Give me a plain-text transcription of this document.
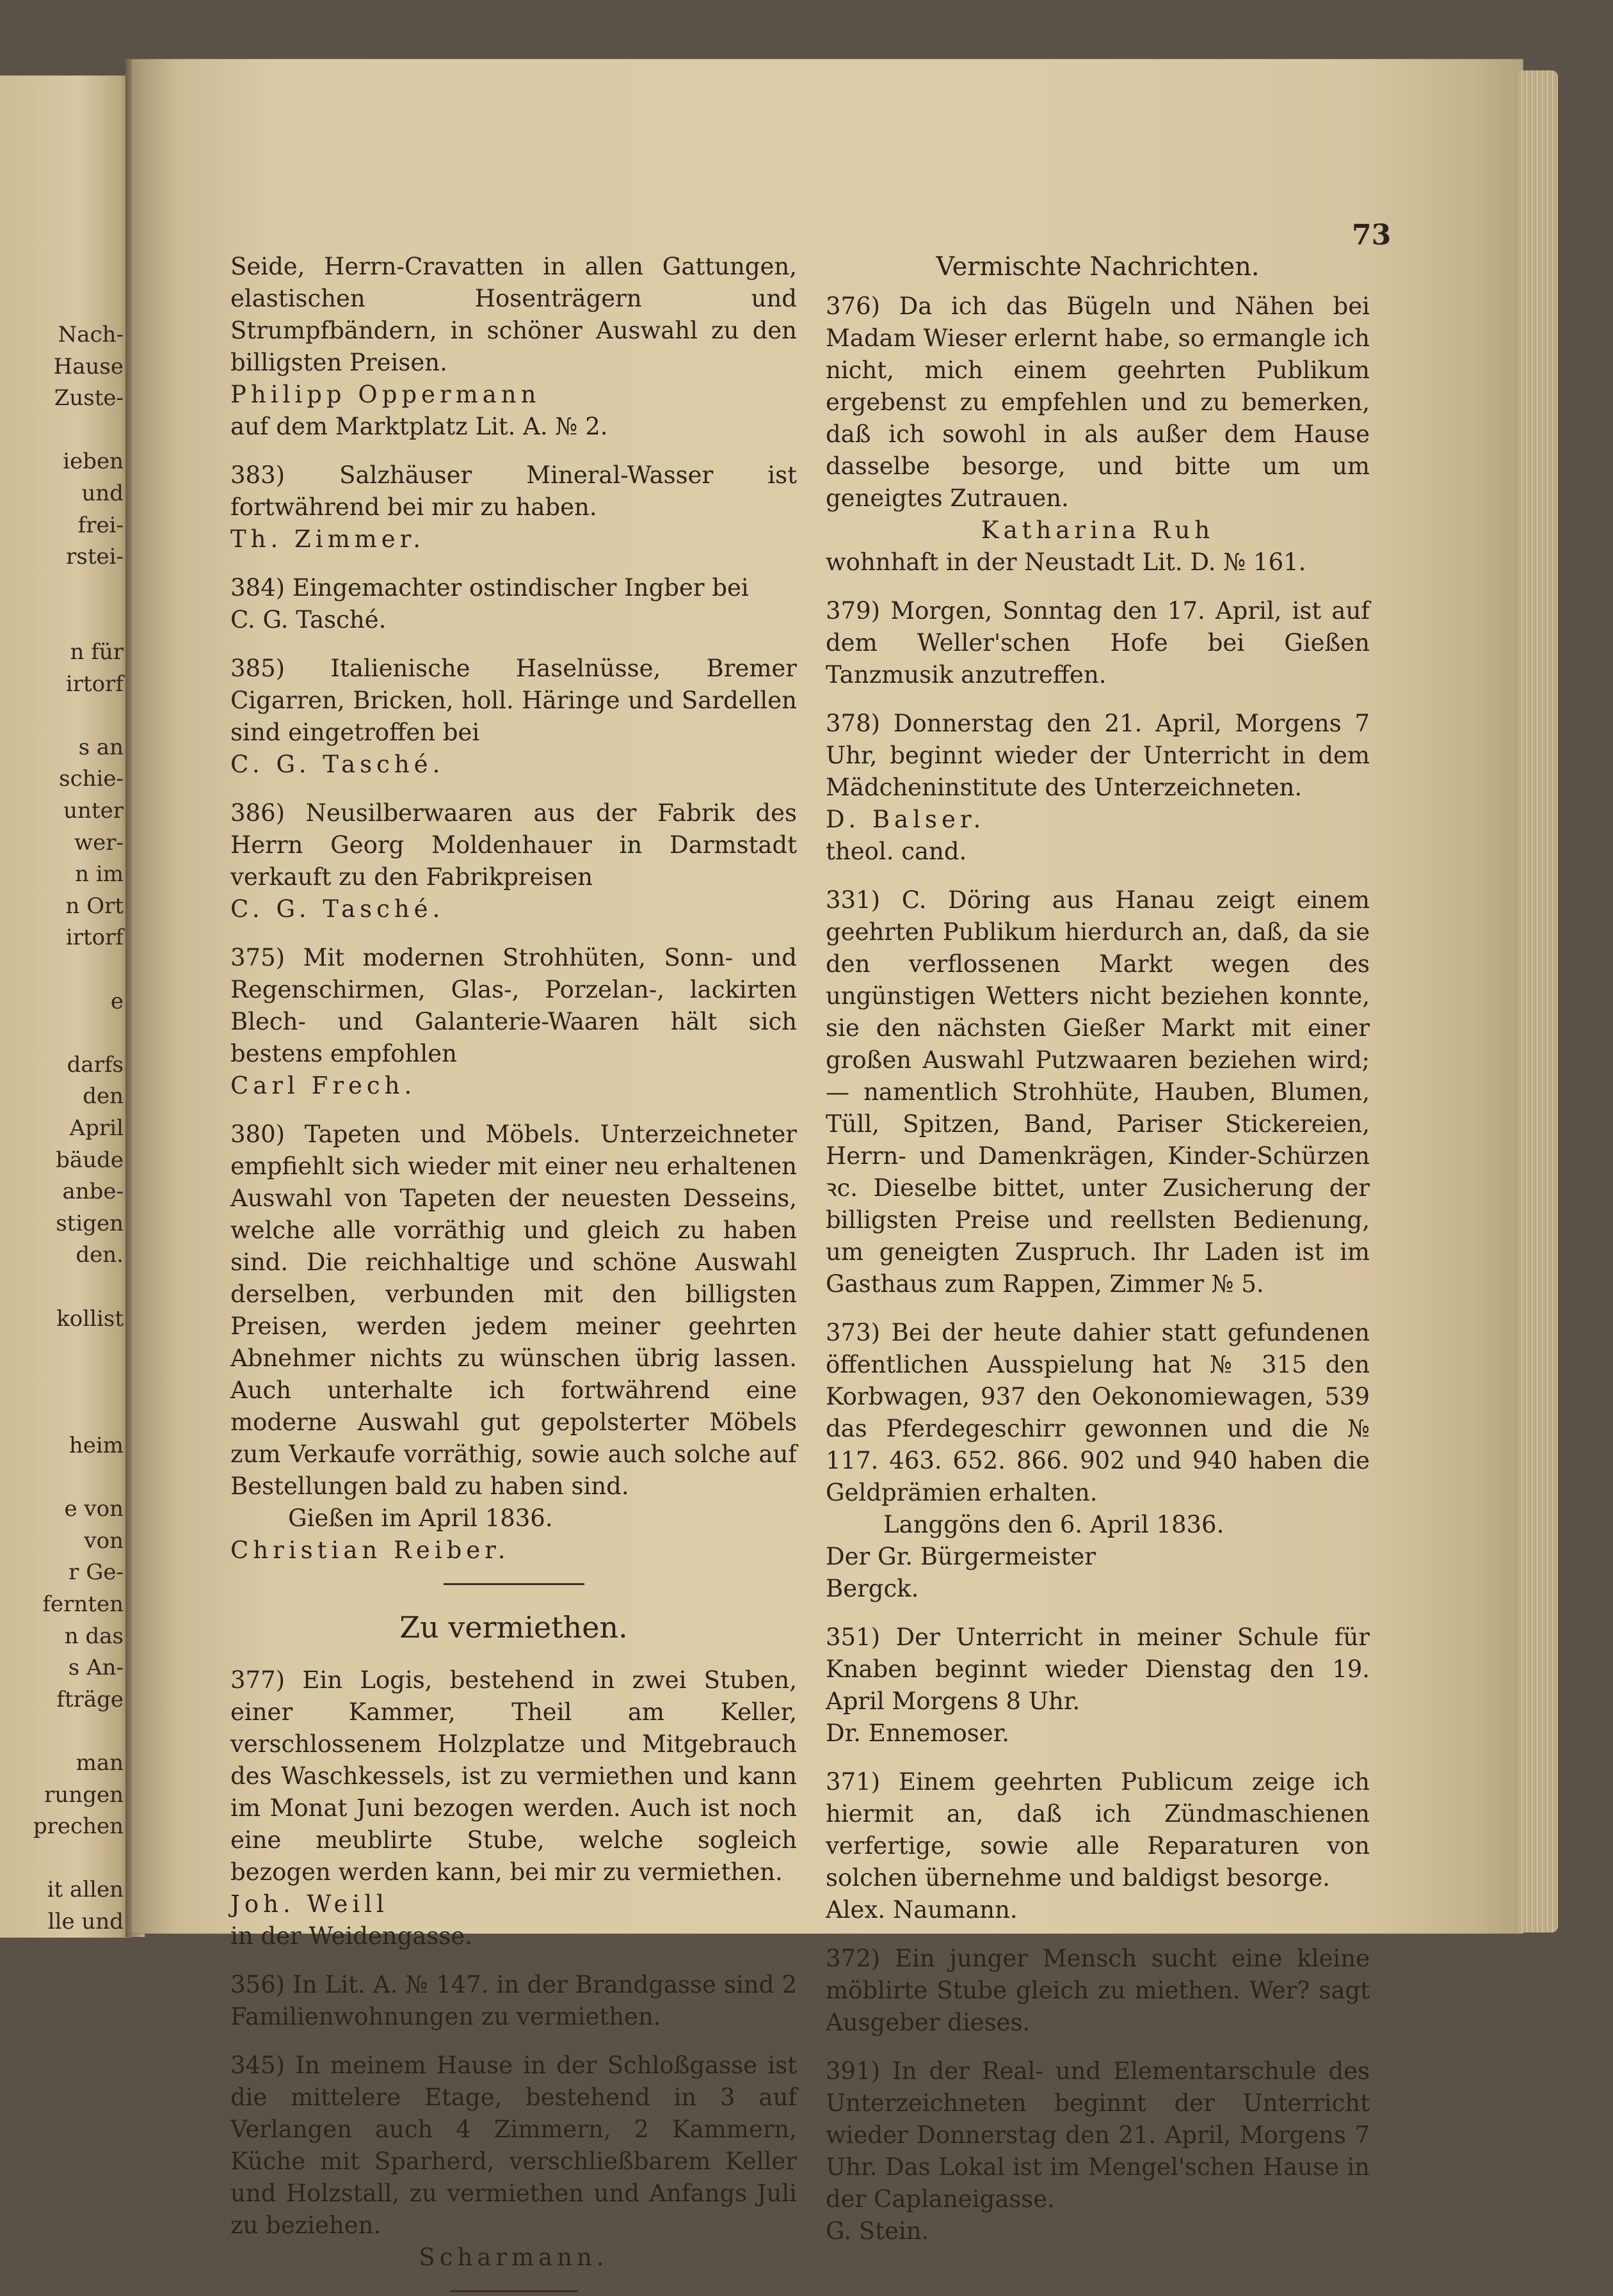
Nach-
Hause
Zuste-
ieben
und
frei-
rstei-
n für
irtorf
s an
schie-
unter
wer-
n im
n Ort
irtorf
e
darfs
den
April
bäude
anbe-
stigen
den.
kollist
heim
e von
von
r Ge-
fernten
n das
s An-
fträge
man
rungen
prechen
it allen
lle und
73

Seide, Herrn-Cravatten in allen Gattungen, elastischen Hosenträgern und Strumpfbändern, in schöner Auswahl zu den billigsten Preisen.

Philipp Oppermann

auf dem Marktplatz Lit. A. № 2.

383) Salzhäuser Mineral-Wasser ist fortwährend bei mir zu haben.

Th. Zimmer.

384) Eingemachter ostindischer Ingber bei

C. G. Tasché.

385) Italienische Haselnüsse, Bremer Cigarren, Bricken, holl. Häringe und Sardellen sind eingetroffen bei

C. G. Tasché.

386) Neusilberwaaren aus der Fabrik des Herrn Georg Moldenhauer in Darmstadt verkauft zu den Fabrikpreisen

C. G. Tasché.

375) Mit modernen Strohhüten, Sonn- und Regenschirmen, Glas-, Porzelan-, lackirten Blech- und Galanterie-Waaren hält sich bestens empfohlen

Carl Frech.

380) Tapeten und Möbels. Unterzeichneter empfiehlt sich wieder mit einer neu erhaltenen Auswahl von Tapeten der neuesten Desseins, welche alle vorräthig und gleich zu haben sind. Die reichhaltige und schöne Auswahl derselben, verbunden mit den billigsten Preisen, werden jedem meiner geehrten Abnehmer nichts zu wünschen übrig lassen. Auch unterhalte ich fortwährend eine moderne Auswahl gut gepolsterter Möbels zum Verkaufe vorräthig, sowie auch solche auf Bestellungen bald zu haben sind.

Gießen im April 1836.

Christian Reiber.

Zu vermiethen.

377) Ein Logis, bestehend in zwei Stuben, einer Kammer, Theil am Keller, verschlossenem Holzplatze und Mitgebrauch des Waschkessels, ist zu vermiethen und kann im Monat Juni bezogen werden. Auch ist noch eine meublirte Stube, welche sogleich bezogen werden kann, bei mir zu vermiethen.

Joh. Weill

in der Weidengasse.

356) In Lit. A. № 147. in der Brandgasse sind 2 Familienwohnungen zu vermiethen.

345) In meinem Hause in der Schloßgasse ist die mittelere Etage, bestehend in 3 auf Verlangen auch 4 Zimmern, 2 Kammern, Küche mit Sparherd, verschließbarem Keller und Holzstall, zu vermiethen und Anfangs Juli zu beziehen.

Scharmann.

Vermischte Nachrichten.

376) Da ich das Bügeln und Nähen bei Madam Wieser erlernt habe, so ermangle ich nicht, mich einem geehrten Publikum ergebenst zu empfehlen und zu bemerken, daß ich sowohl in als außer dem Hause dasselbe besorge, und bitte um um geneigtes Zutrauen.

Katharina Ruh

wohnhaft in der Neustadt Lit. D. № 161.

379) Morgen, Sonntag den 17. April, ist auf dem Weller'schen Hofe bei Gießen Tanzmusik anzutreffen.

378) Donnerstag den 21. April, Morgens 7 Uhr, beginnt wieder der Unterricht in dem Mädcheninstitute des Unterzeichneten.

D. Balser.

theol. cand.

331) C. Döring aus Hanau zeigt einem geehrten Publikum hierdurch an, daß, da sie den verflossenen Markt wegen des ungünstigen Wetters nicht beziehen konnte, sie den nächsten Gießer Markt mit einer großen Auswahl Putzwaaren beziehen wird; — namentlich Strohhüte, Hauben, Blumen, Tüll, Spitzen, Band, Pariser Stickereien, Herrn- und Damenkrägen, Kinder-Schürzen ꝛc. Dieselbe bittet, unter Zusicherung der billigsten Preise und reellsten Bedienung, um geneigten Zuspruch. Ihr Laden ist im Gasthaus zum Rappen, Zimmer № 5.

373) Bei der heute dahier statt gefundenen öffentlichen Ausspielung hat № 315 den Korbwagen, 937 den Oekonomiewagen, 539 das Pferdegeschirr gewonnen und die № 117. 463. 652. 866. 902 und 940 haben die Geldprämien erhalten.

Langgöns den 6. April 1836.

Der Gr. Bürgermeister

Bergck.

351) Der Unterricht in meiner Schule für Knaben beginnt wieder Dienstag den 19. April Morgens 8 Uhr.

Dr. Ennemoser.

371) Einem geehrten Publicum zeige ich hiermit an, daß ich Zündmaschienen verfertige, sowie alle Reparaturen von solchen übernehme und baldigst besorge.

Alex. Naumann.

372) Ein junger Mensch sucht eine kleine möblirte Stube gleich zu miethen. Wer? sagt Ausgeber dieses.

391) In der Real- und Elementarschule des Unterzeichneten beginnt der Unterricht wieder Donnerstag den 21. April, Morgens 7 Uhr. Das Lokal ist im Mengel'schen Hause in der Caplaneigasse.

G. Stein.
